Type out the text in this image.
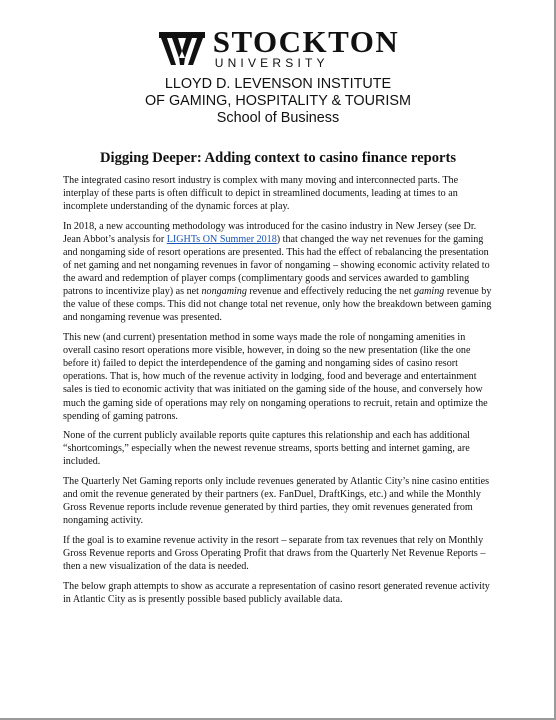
STOCKTON
UNIVERSITY
LLOYD D. LEVENSON INSTITUTE
OF GAMING, HOSPITALITY & TOURISM
School of Business
Digging Deeper: Adding context to casino finance reports

The integrated casino resort industry is complex with many moving and interconnected parts. The interplay of these parts is often difficult to depict in streamlined documents, leading at times to an incomplete understanding of the dynamic forces at play.

In 2018, a new accounting methodology was introduced for the casino industry in New Jersey (see Dr. Jean Abbot’s analysis for LIGHTs ON Summer 2018) that changed the way net revenues for the gaming and nongaming side of resort operations are presented. This had the effect of rebalancing the presentation of net gaming and net nongaming revenues in favor of nongaming – showing economic activity related to the award and redemption of player comps (complimentary goods and services awarded to gambling patrons to incentivize play) as net nongaming revenue and effectively reducing the net gaming revenue by the value of these comps. This did not change total net revenue, only how the breakdown between gaming and nongaming revenue was presented.

This new (and current) presentation method in some ways made the role of nongaming amenities in overall casino resort operations more visible, however, in doing so the new presentation (like the one before it) failed to depict the interdependence of the gaming and nongaming sides of casino resort operations. That is, how much of the revenue activity in lodging, food and beverage and entertainment sales is tied to economic activity that was initiated on the gaming side of the house, and conversely how much the gaming side of operations may rely on nongaming operations to recruit, retain and optimize the spending of gaming patrons.

None of the current publicly available reports quite captures this relationship and each has additional “shortcomings,” especially when the newest revenue streams, sports betting and internet gaming, are included.

The Quarterly Net Gaming reports only include revenues generated by Atlantic City’s nine casino entities and omit the revenue generated by their partners (ex. FanDuel, DraftKings, etc.) and while the Monthly Gross Revenue reports include revenue generated by third parties, they omit revenues generated from nongaming activity.

If the goal is to examine revenue activity in the resort – separate from tax revenues that rely on Monthly Gross Revenue reports and Gross Operating Profit that draws from the Quarterly Net Revenue Reports – then a new visualization of the data is needed.

The below graph attempts to show as accurate a representation of casino resort generated revenue activity in Atlantic City as is presently possible based publicly available data.
